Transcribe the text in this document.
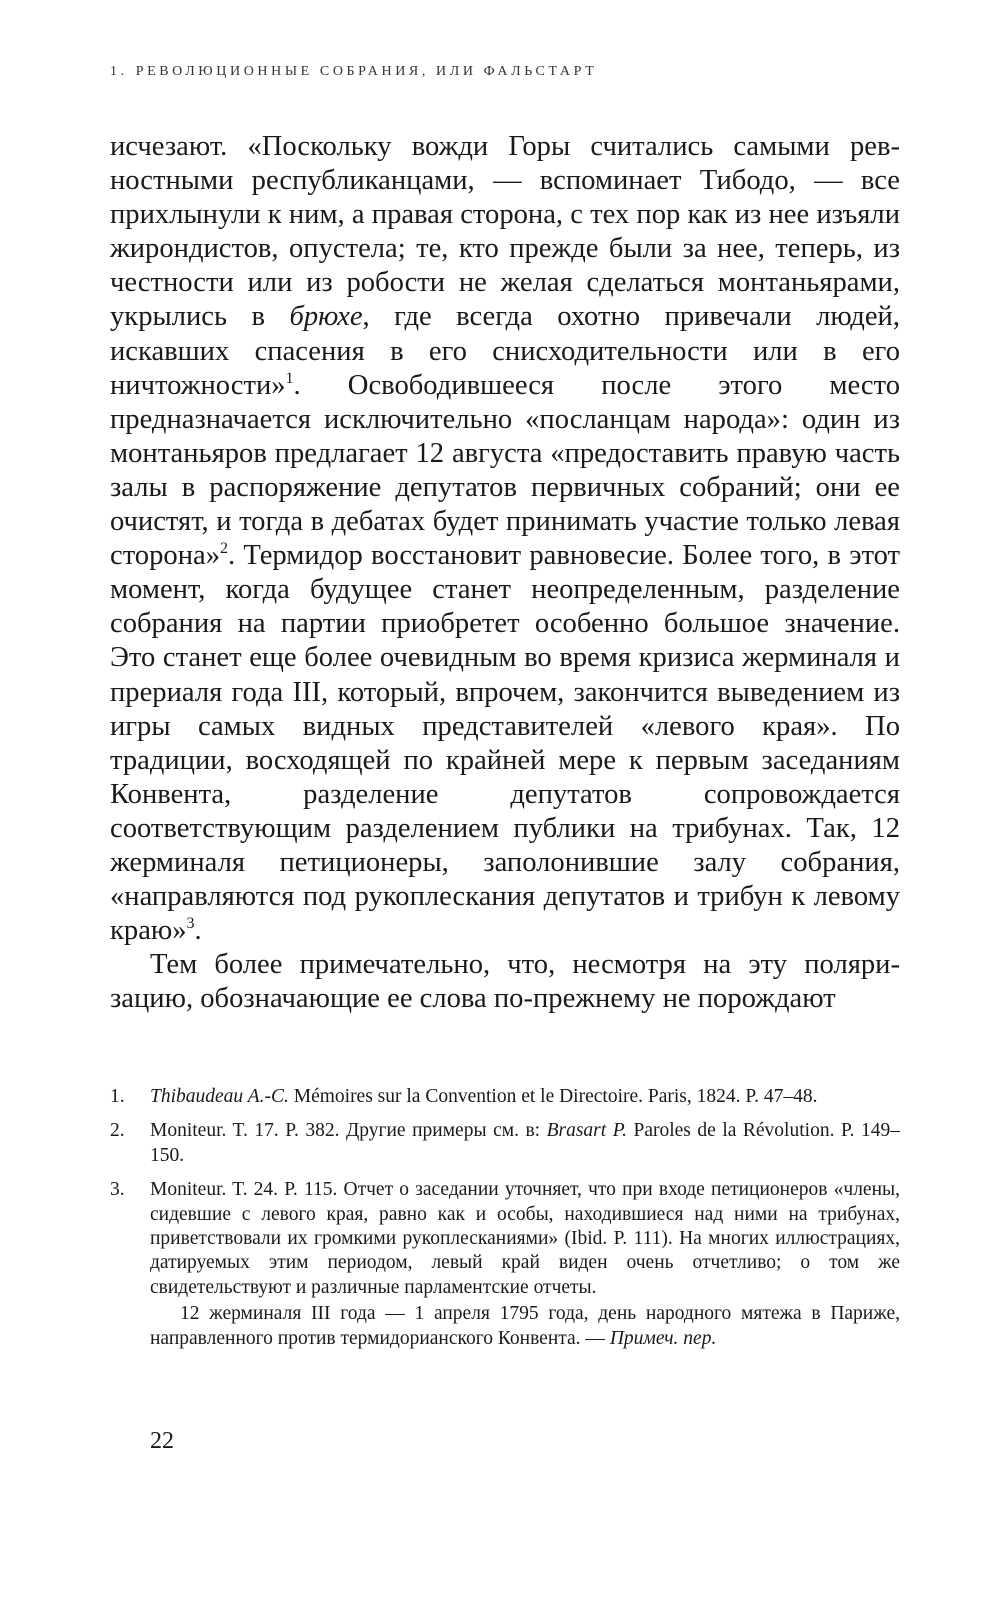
1. РЕВОЛЮЦИОННЫЕ СОБРАНИЯ, ИЛИ ФАЛЬСТАРТ

исчезают. «Поскольку вожди Горы считались самыми ревностными республиканцами, — вспоминает Тибодо, — все прихлынули к ним, а правая сторона, с тех пор как из нее изъяли жирондистов, опустела; те, кто прежде были за нее, теперь, из честности или из робости не желая сделаться монтаньярами, укрылись в брюхе, где всегда охотно привечали людей, искавших спасения в его снисходительности или в его ничтожности»$^1$. Освободившееся после этого место предназначается исключительно «посланцам народа»: один из монтаньяров предлагает 12 августа «предоставить правую часть залы в распоряжение депутатов первичных собраний; они ее очистят, и тогда в дебатах будет принимать участие только левая сторона»$^2$. Термидор восстановит равновесие. Более того, в этот момент, когда будущее станет неопределенным, разделение собрания на партии приобретет особенно большое значение. Это станет еще более очевидным во время кризиса жерминаля и прериаля года III, который, впрочем, закончится выведением из игры самых видных представителей «левого края». По традиции, восходящей по крайней мере к первым заседаниям Конвента, разделение депутатов сопровождается соответствующим разделением публики на трибунах. Так, 12 жерминаля петиционеры, заполонившие залу собрания, «направляются под рукоплескания депутатов и трибун к левому краю»$^3$.

Тем более примечательно, что, несмотря на эту поляризацию, обозначающие ее слова по-прежнему не порождают

1. Thibaudeau A.-C. Mémoires sur la Convention et le Directoire. Paris, 1824. P. 47–48.
2. Moniteur. T. 17. P. 382. Другие примеры см. в: Brasart P. Paroles de la Révolution. P. 149–150.
3. Moniteur. T. 24. P. 115. Отчет о заседании уточняет, что при входе петиционеров «члены, сидевшие с левого края, равно как и особы, находившиеся над ними на трибунах, приветствовали их громкими рукоплесканиями» (Ibid. P. 111). На многих иллюстрациях, датируемых этим периодом, левый край виден очень отчетливо; о том же свидетельствуют и различные парламентские отчеты.
12 жерминаля III года — 1 апреля 1795 года, день народного мятежа в Париже, направленного против термидорианского Конвента. — Примеч. пер.
22
